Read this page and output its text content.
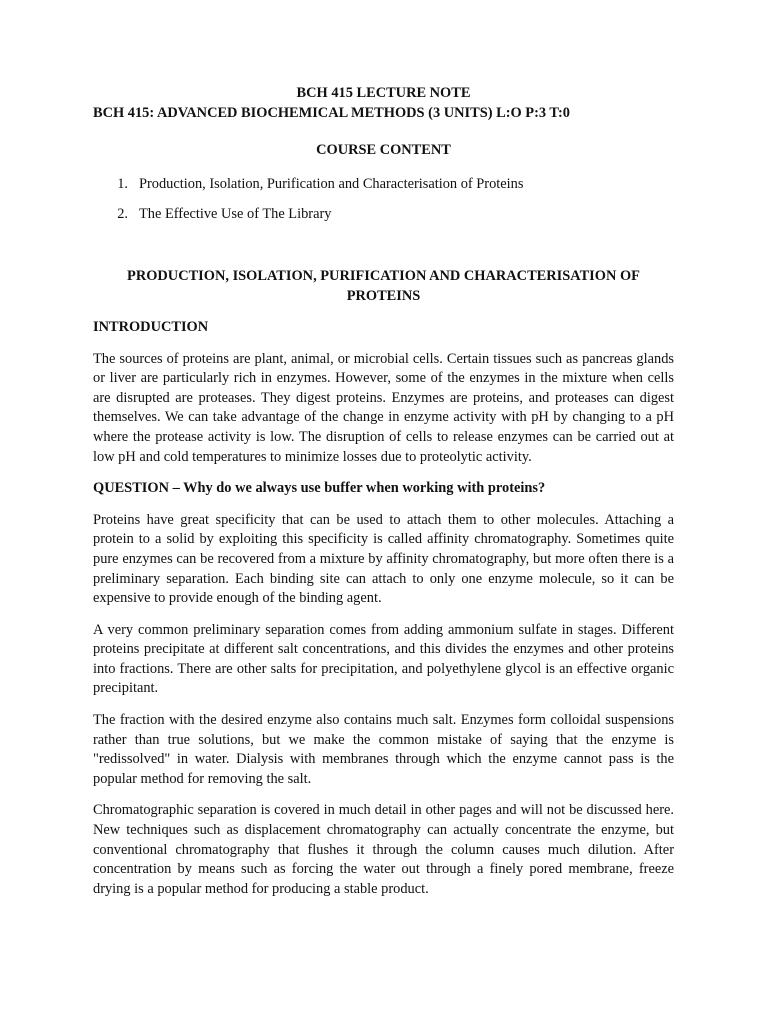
BCH 415 LECTURE NOTE
BCH 415: ADVANCED BIOCHEMICAL METHODS (3 UNITS) L:O P:3 T:0
COURSE CONTENT
1. Production, Isolation, Purification and Characterisation of Proteins
2. The Effective Use of The Library
PRODUCTION, ISOLATION, PURIFICATION AND CHARACTERISATION OF PROTEINS
INTRODUCTION

The sources of proteins are plant, animal, or microbial cells. Certain tissues such as pancreas glands or liver are particularly rich in enzymes. However, some of the enzymes in the mixture when cells are disrupted are proteases. They digest proteins. Enzymes are proteins, and proteases can digest themselves. We can take advantage of the change in enzyme activity with pH by changing to a pH where the protease activity is low. The disruption of cells to release enzymes can be carried out at low pH and cold temperatures to minimize losses due to proteolytic activity.

QUESTION – Why do we always use buffer when working with proteins?

Proteins have great specificity that can be used to attach them to other molecules. Attaching a protein to a solid by exploiting this specificity is called affinity chromatography. Sometimes quite pure enzymes can be recovered from a mixture by affinity chromatography, but more often there is a preliminary separation. Each binding site can attach to only one enzyme molecule, so it can be expensive to provide enough of the binding agent.

A very common preliminary separation comes from adding ammonium sulfate in stages. Different proteins precipitate at different salt concentrations, and this divides the enzymes and other proteins into fractions. There are other salts for precipitation, and polyethylene glycol is an effective organic precipitant.

The fraction with the desired enzyme also contains much salt. Enzymes form colloidal suspensions rather than true solutions, but we make the common mistake of saying that the enzyme is "redissolved" in water. Dialysis with membranes through which the enzyme cannot pass is the popular method for removing the salt.

Chromatographic separation is covered in much detail in other pages and will not be discussed here. New techniques such as displacement chromatography can actually concentrate the enzyme, but conventional chromatography that flushes it through the column causes much dilution. After concentration by means such as forcing the water out through a finely pored membrane, freeze drying is a popular method for producing a stable product.
